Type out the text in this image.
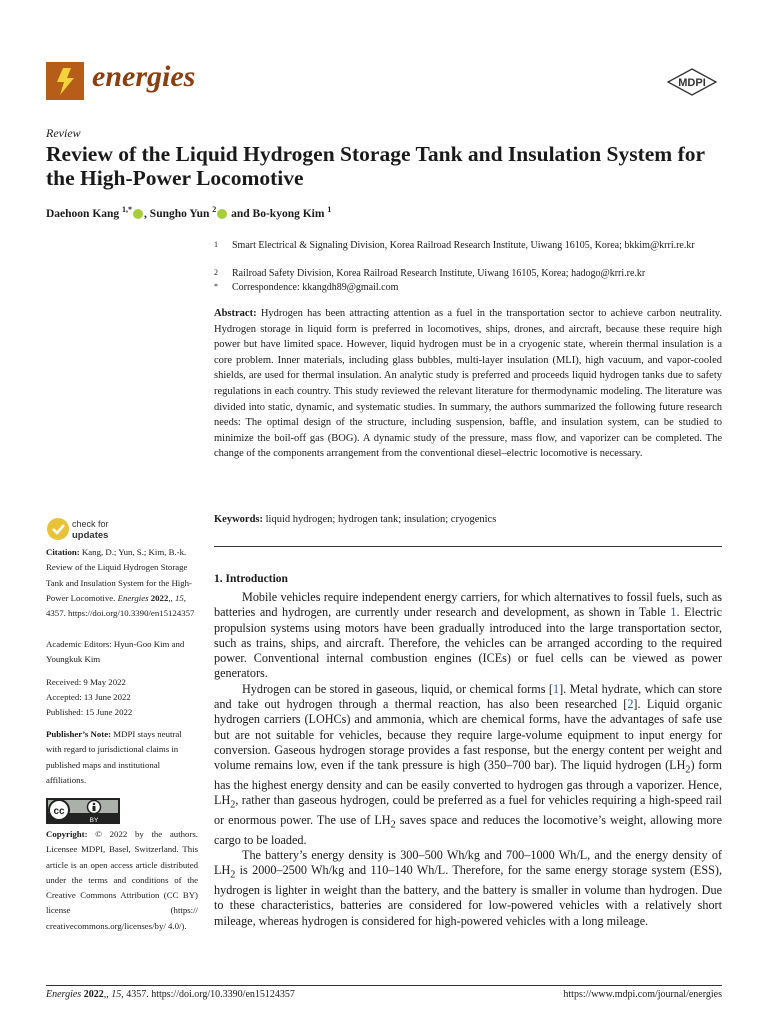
energies	MDPI
Review
Review of the Liquid Hydrogen Storage Tank and Insulation System for the High-Power Locomotive
Daehoon Kang $^{1,*}$ , Sungho Yun $^2$ and Bo-kyong Kim $^1$
1	Smart Electrical & Signaling Division, Korea Railroad Research Institute, Uiwang 16105, Korea; bkkim@krri.re.kr
2	Railroad Safety Division, Korea Railroad Research Institute, Uiwang 16105, Korea; hadogo@krri.re.kr
*	Correspondence: kkangdh89@gmail.com
Abstract: Hydrogen has been attracting attention as a fuel in the transportation sector to achieve carbon neutrality. Hydrogen storage in liquid form is preferred in locomotives, ships, drones, and aircraft, because these require high power but have limited space. However, liquid hydrogen must be in a cryogenic state, wherein thermal insulation is a core problem. Inner materials, including glass bubbles, multi-layer insulation (MLI), high vacuum, and vapor-cooled shields, are used for thermal insulation. An analytic study is preferred and proceeds liquid hydrogen tanks due to safety regulations in each country. This study reviewed the relevant literature for thermodynamic modeling. The literature was divided into static, dynamic, and systematic studies. In summary, the authors summarized the following future research needs: The optimal design of the structure, including suspension, baffle, and insulation system, can be studied to minimize the boil-off gas (BOG). A dynamic study of the pressure, mass flow, and vaporizer can be completed. The change of the components arrangement from the conventional diesel–electric locomotive is necessary.
Keywords: liquid hydrogen; hydrogen tank; insulation; cryogenics
1. Introduction

Mobile vehicles require independent energy carriers, for which alternatives to fossil fuels, such as batteries and hydrogen, are currently under research and development, as shown in Table 1. Electric propulsion systems using motors have been gradually introduced into the large transportation sector, such as trains, ships, and aircraft. Therefore, the vehicles can be arranged according to the required power. Conventional internal combustion engines (ICEs) or fuel cells can be viewed as power generators.

Hydrogen can be stored in gaseous, liquid, or chemical forms [1]. Metal hydrate, which can store and take out hydrogen through a thermal reaction, has also been researched [2]. Liquid organic hydrogen carriers (LOHCs) and ammonia, which are chemical forms, have the advantages of safe use but are not suitable for vehicles, because they require large-volume equipment to input energy for conversion. Gaseous hydrogen storage provides a fast response, but the energy content per weight and volume remains low, even if the tank pressure is high (350–700 bar). The liquid hydrogen $(LH_2)$ form has the highest energy density and can be easily converted to hydrogen gas through a vaporizer. Hence, $LH_2$, rather than gaseous hydrogen, could be preferred as a fuel for vehicles requiring a high-speed rail or enormous power. The use of $LH_2$ saves space and reduces the locomotive’s weight, allowing more cargo to be loaded.

The battery’s energy density is 300–500 Wh/kg and 700–1000 Wh/L, and the energy density of $LH_2$ is 2000–2500 Wh/kg and 110–140 Wh/L. Therefore, for the same energy storage system (ESS), hydrogen is lighter in weight than the battery, and the battery is smaller in volume than hydrogen. Due to these characteristics, batteries are considered for low-powered vehicles with a relatively short mileage, whereas hydrogen is considered for high-powered vehicles with a long mileage.

check for
updates
Citation: Kang, D.; Yun, S.; Kim, B.-k. Review of the Liquid Hydrogen Storage Tank and Insulation System for the High-Power Locomotive. Energies 2022,, 15, 4357. https://doi.org/10.3390/en15124357
Academic Editors: Hyun-Goo Kim and Youngkuk Kim
Received: 9 May 2022
Accepted: 13 June 2022
Published: 15 June 2022
Publisher’s Note: MDPI stays neutral with regard to jurisdictional claims in published maps and institutional affiliations.
cc
BY
Copyright: © 2022 by the authors. Licensee MDPI, Basel, Switzerland. This article is an open access article distributed under the terms and conditions of the Creative Commons Attribution (CC BY) license (https:// creativecommons.org/licenses/by/ 4.0/).
Energies 2022,, 15, 4357. https://doi.org/10.3390/en15124357	https://www.mdpi.com/journal/energies
